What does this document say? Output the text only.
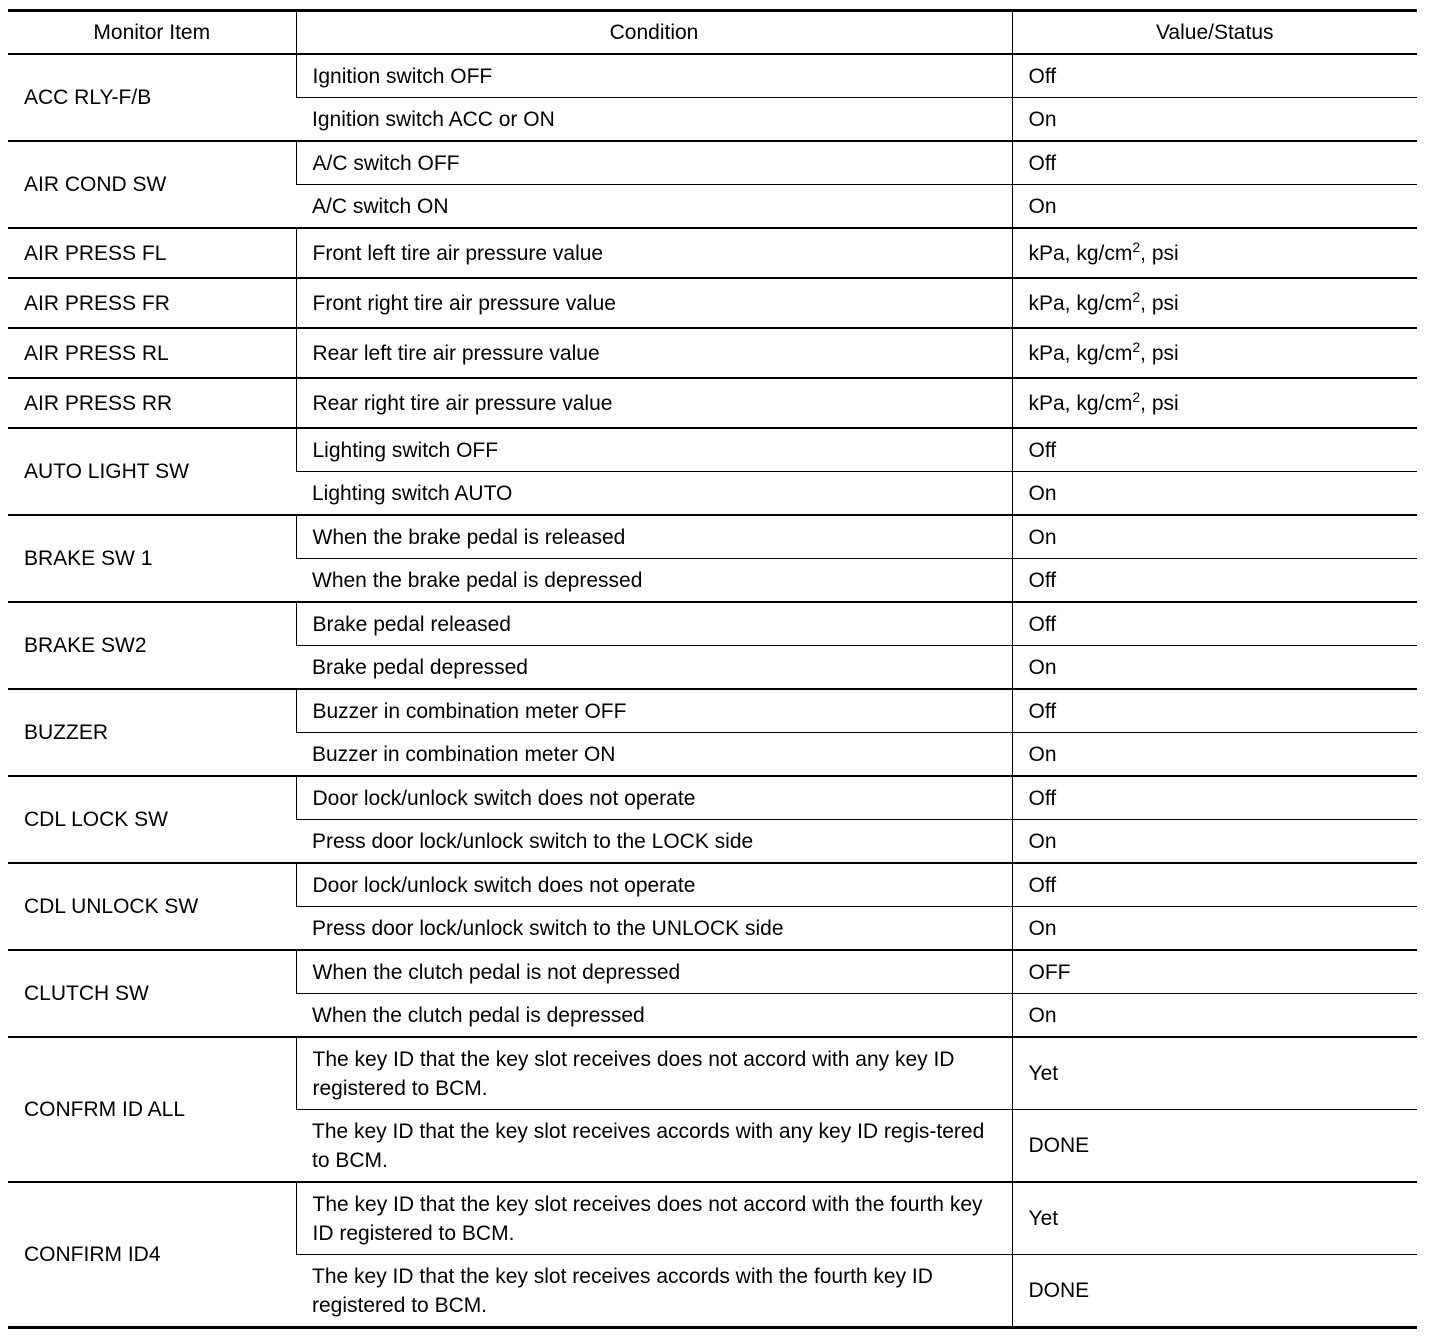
Monitor Item	Condition	Value/Status
ACC RLY-F/B	Ignition switch OFF	Off
	Ignition switch ACC or ON	On
AIR COND SW	A/C switch OFF	Off
	A/C switch ON	On
AIR PRESS FL	Front left tire air pressure value	kPa, $kg/cm^2$, psi
AIR PRESS FR	Front right tire air pressure value	kPa, $kg/cm^2$, psi
AIR PRESS RL	Rear left tire air pressure value	kPa, $kg/cm^2$, psi
AIR PRESS RR	Rear right tire air pressure value	kPa, $kg/cm^2$, psi
AUTO LIGHT SW	Lighting switch OFF	Off
	Lighting switch AUTO	On
BRAKE SW 1	When the brake pedal is released	On
	When the brake pedal is depressed	Off
BRAKE SW2	Brake pedal released	Off
	Brake pedal depressed	On
BUZZER	Buzzer in combination meter OFF	Off
	Buzzer in combination meter ON	On
CDL LOCK SW	Door lock/unlock switch does not operate	Off
	Press door lock/unlock switch to the LOCK side	On
CDL UNLOCK SW	Door lock/unlock switch does not operate	Off
	Press door lock/unlock switch to the UNLOCK side	On
CLUTCH SW	When the clutch pedal is not depressed	OFF
	When the clutch pedal is depressed	On
CONFRM ID ALL	The key ID that the key slot receives does not accord with any key ID registered to BCM.	Yet
	The key ID that the key slot receives accords with any key ID regis-tered to BCM.	DONE
CONFIRM ID4	The key ID that the key slot receives does not accord with the fourth key ID registered to BCM.	Yet
	The key ID that the key slot receives accords with the fourth key ID registered to BCM.	DONE
